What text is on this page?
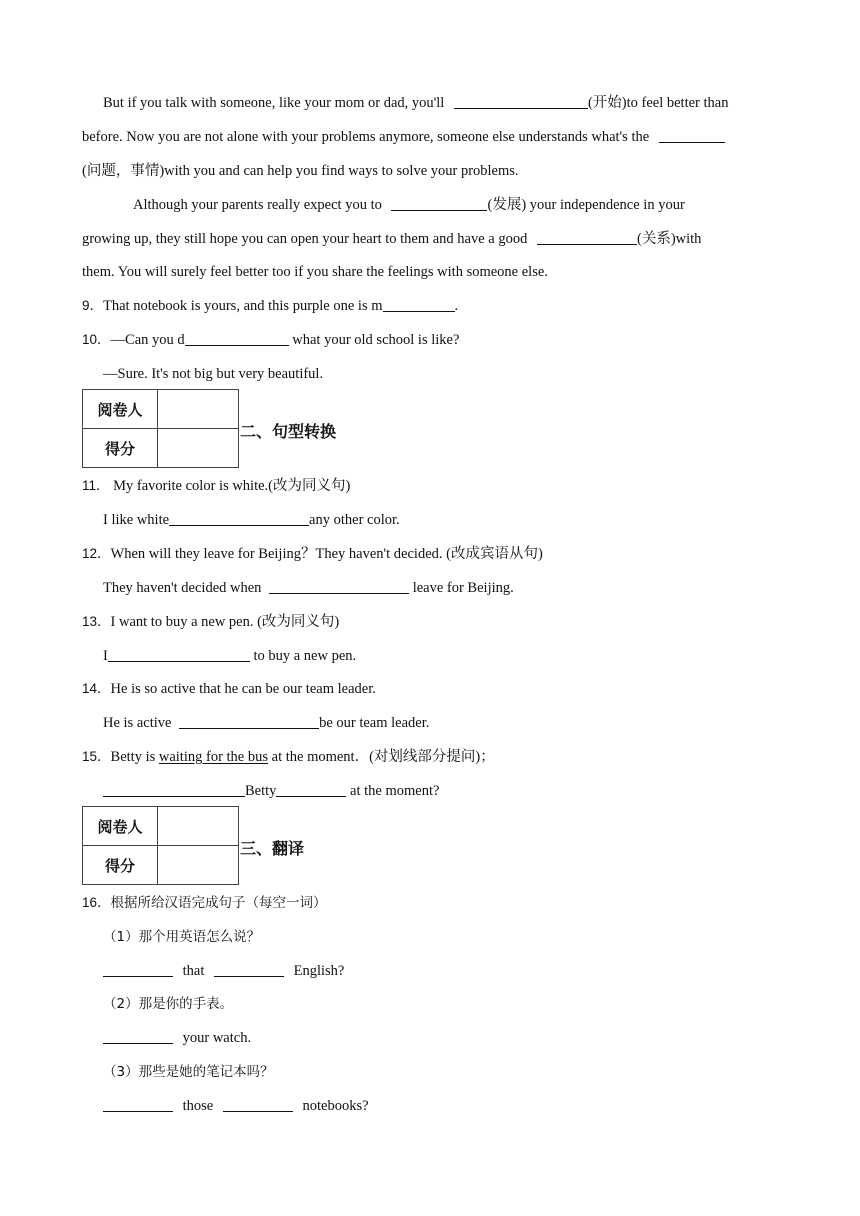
But if you talk with someone, like your mom or dad, you'll	(开始)to feel better than
before. Now you are not alone with your problems anymore, someone else understands what's the
(问题，事情)with you and can help you find ways to solve your problems.
Although your parents really expect you to	(发展) your independence in your
growing up, they still hope you can open your heart to them and have a good	(关系)with
them. You will surely feel better too if you share the feelings with someone else.
9．That notebook is yours, and this purple one is m	.
10．—Can you d	what your old school is like?
—Sure. It's not big but very beautiful.
阅卷人	
得分	
二、句型转换
11． My favorite color is white.(改为同义句)
I like white	any other color.
12．When will they leave for Beijing？They haven't decided. (改成宾语从句)
They haven't decided when	leave for Beijing.
13．I want to buy a new pen. (改为同义句)
I	to buy a new pen.
14．He is so active that he can be our team leader.
He is active	be our team leader.
15．Betty is waiting for the bus at the moment．(对划线部分提问)；
Betty	at the moment?
阅卷人	
得分	
三、翻译
16．根据所给汉语完成句子（每空一词）
（1）那个用英语怎么说？
that	English?
（2）那是你的手表。
your watch.
（3）那些是她的笔记本吗？
those	notebooks?
